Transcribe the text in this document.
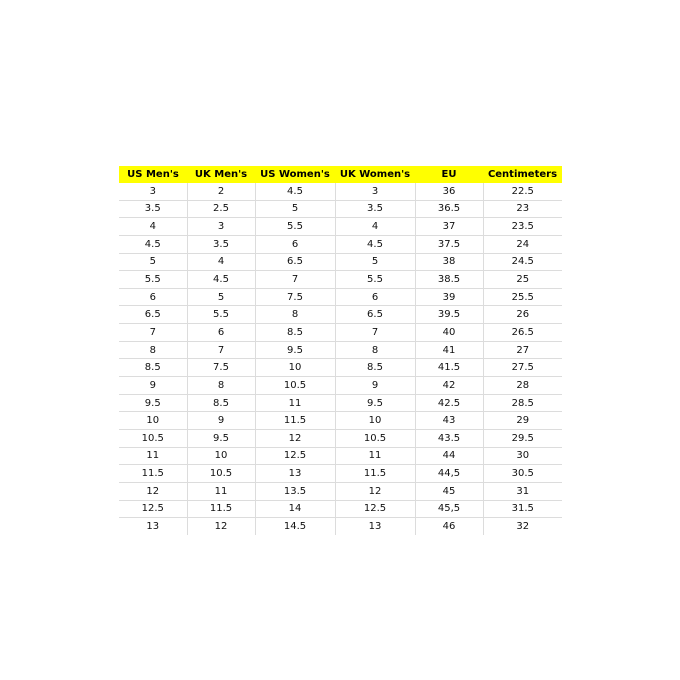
US Men's	UK Men's	US Women's	UK Women's	EU	Centimeters
3	2	4.5	3	36	22.5
3.5	2.5	5	3.5	36.5	23
4	3	5.5	4	37	23.5
4.5	3.5	6	4.5	37.5	24
5	4	6.5	5	38	24.5
5.5	4.5	7	5.5	38.5	25
6	5	7.5	6	39	25.5
6.5	5.5	8	6.5	39.5	26
7	6	8.5	7	40	26.5
8	7	9.5	8	41	27
8.5	7.5	10	8.5	41.5	27.5
9	8	10.5	9	42	28
9.5	8.5	11	9.5	42.5	28.5
10	9	11.5	10	43	29
10.5	9.5	12	10.5	43.5	29.5
11	10	12.5	11	44	30
11.5	10.5	13	11.5	44,5	30.5
12	11	13.5	12	45	31
12.5	11.5	14	12.5	45,5	31.5
13	12	14.5	13	46	32
